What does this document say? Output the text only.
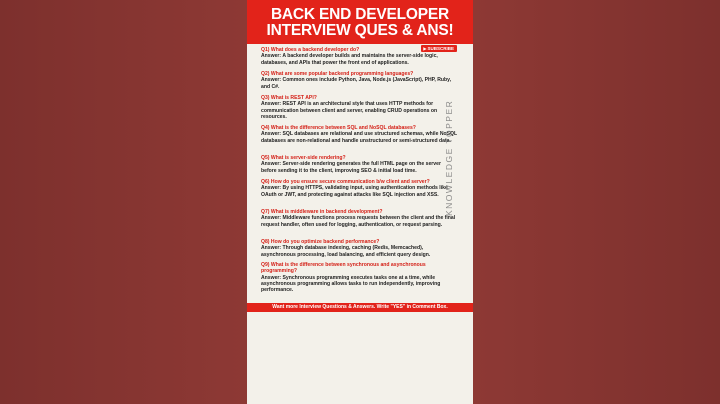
BACK END DEVELOPER
INTERVIEW QUES & ANS!
▶ SUBSCRIBE
Q1) What does a backend developer do?
Answer: A backend developer builds and maintains the server-side logic, databases, and APIs that power the front end of applications.
Q2) What are some popular backend programming languages?
Answer: Common ones include Python, Java, Node.js (JavaScript), PHP, Ruby, and C#.
Q3) What is REST API?
Answer: REST API is an architectural style that uses HTTP methods for communication between client and server, enabling CRUD operations on resources.
Q4) What is the difference between SQL and NoSQL databases?
Answer: SQL databases are relational and use structured schemas, while NoSQL databases are non-relational and handle unstructured or semi-structured data.
Q5) What is server-side rendering?
Answer: Server-side rendering generates the full HTML page on the server before sending it to the client, improving SEO & initial load time.
Q6) How do you ensure secure communication b/w client and server?
Answer: By using HTTPS, validating input, using authentication methods like OAuth or JWT, and protecting against attacks like SQL injection and XSS.
Q7) What is middleware in backend development?
Answer: Middleware functions process requests between the client and the final request handler, often used for logging, authentication, or request parsing.
Q8) How do you optimize backend performance?
Answer: Through database indexing, caching (Redis, Memcached), asynchronous processing, load balancing, and efficient query design.
Q9) What is the difference between synchronous and asynchronous programming?
Answer: Synchronous programming executes tasks one at a time, while asynchronous programming allows tasks to run independently, improving performance.
KNOWLEDGE TOPPER
Want more Interview Questions & Answers. Write "YES" in Comment Box.
